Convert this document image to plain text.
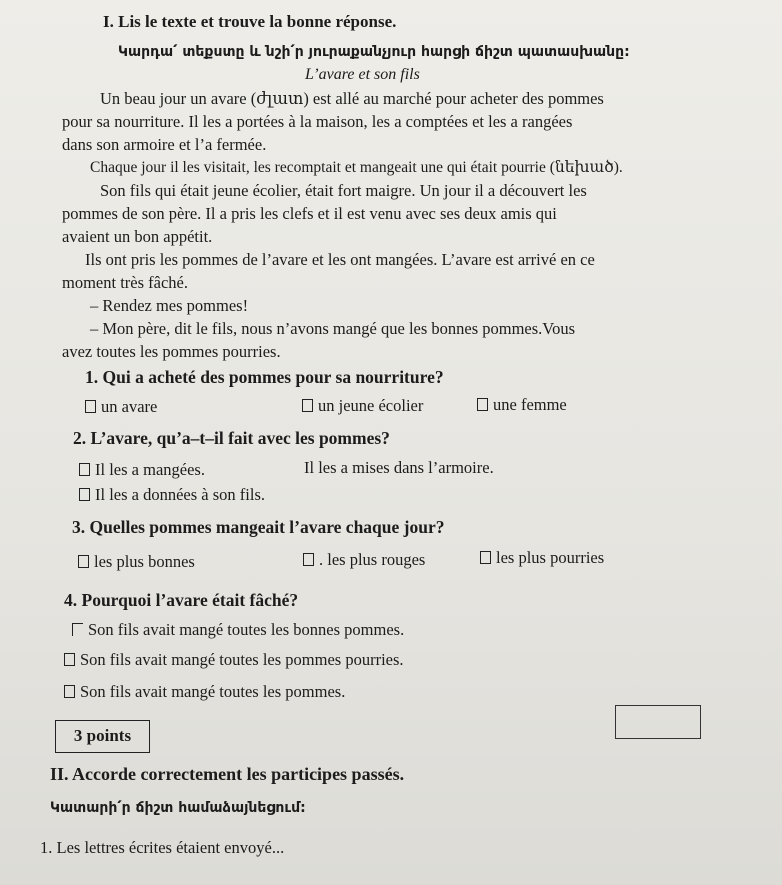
I. Lis le texte et trouve la bonne réponse.
Կարդա՛ տեքստը և նշի՛ր յուրաքանչյուր հարցի ճիշտ պատասխանը:
L’avare et son fils
Un beau jour un avare (ժլատ) est allé au marché pour acheter des pommes
pour sa nourriture. Il les a portées à la maison, les a comptées et les a rangées
dans son armoire et l’a fermée.
Chaque jour il les visitait, les recomptait et mangeait une qui était pourrie (նեխած).
Son fils qui était jeune écolier, était fort maigre. Un jour il a découvert les
pommes de son père. Il a pris les clefs et il est venu avec ses deux amis qui
avaient un bon appétit.
Ils ont pris les pommes de l’avare et les ont mangées. L’avare est arrivé en ce
moment très fâché.
– Rendez mes pommes!
– Mon père, dit le fils, nous n’avons mangé que les bonnes pommes.Vous
avez toutes les pommes pourries.
1. Qui a acheté des pommes pour sa nourriture?
un avare	un jeune écolier	une femme
2. L’avare, qu’a–t–il fait avec les pommes?
Il les a mangées.	Il les a mises dans l’armoire.
Il les a données à son fils.
3. Quelles pommes mangeait l’avare chaque jour?
les plus bonnes	. les plus rouges	les plus pourries
4. Pourquoi l’avare était fâché?
Son fils avait mangé toutes les bonnes pommes.
Son fils avait mangé toutes les pommes pourries.
Son fils avait mangé toutes les pommes.
3 points
II. Accorde correctement les participes passés.
Կատարի՛ր ճիշտ համաձայնեցում:
1. Les lettres écrites étaient envoyé...
